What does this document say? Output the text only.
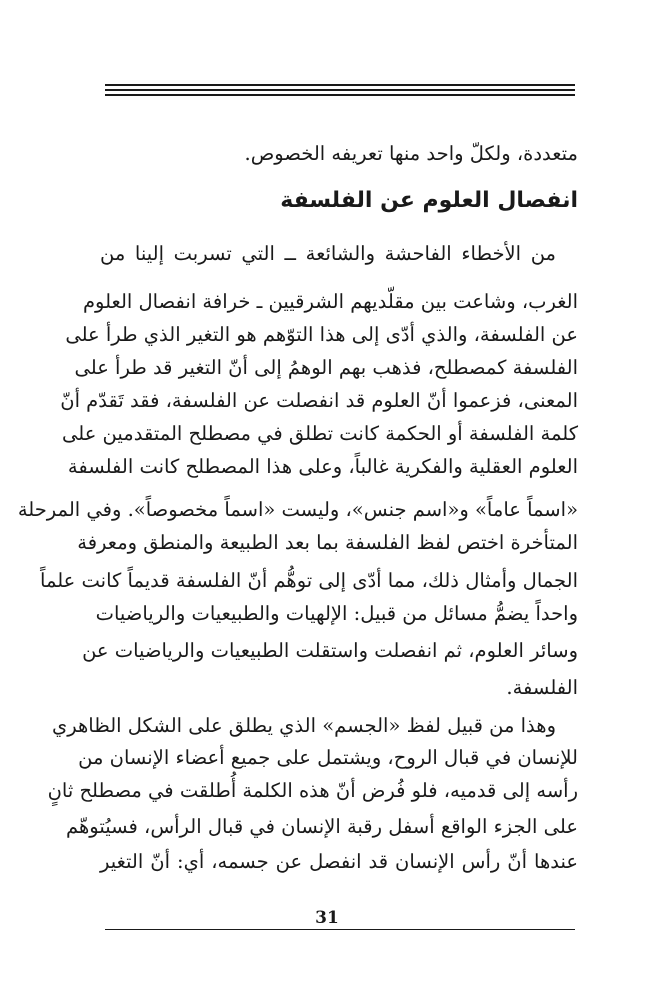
متعددة، ولكلّ واحد منها تعريفه الخصوص.
انفصال العلوم عن الفلسفة
من الأخطاء الفاحشة والشائعة ــ التي تسربت إلينا من
الغرب، وشاعت بين مقلّديهم الشرقيين ـ خرافة انفصال العلوم
عن الفلسفة، والذي أدّى إلى هذا التوّهم هو التغير الذي طرأ على
الفلسفة كمصطلح، فذهب بهم الوهمُ إلى أنّ التغير قد طرأ على
المعنى، فزعموا أنّ العلوم قد انفصلت عن الفلسفة، فقد تَقدّم أنّ
كلمة الفلسفة أو الحكمة كانت تطلق في مصطلح المتقدمين على
العلوم العقلية والفكرية غالباً، وعلى هذا المصطلح كانت الفلسفة
«اسماً عاماً» و«اسم جنس»، وليست «اسماً مخصوصاً». وفي المرحلة
المتأخرة اختص لفظ الفلسفة بما بعد الطبيعة والمنطق ومعرفة
الجمال وأمثال ذلك، مما أدّى إلى توهُّم أنّ الفلسفة قديماً كانت علماً
واحداً يضمُّ مسائل من قبيل: الإلهيات والطبيعيات والرياضيات
وسائر العلوم، ثم انفصلت واستقلت الطبيعيات والرياضيات عن
الفلسفة.
وهذا من قبيل لفظ «الجسم» الذي يطلق على الشكل الظاهري
للإنسان في قبال الروح، ويشتمل على جميع أعضاء الإنسان من
رأسه إلى قدميه، فلو فُرض أنّ هذه الكلمة أُطلقت في مصطلح ثانٍ
على الجزء الواقع أسفل رقبة الإنسان في قبال الرأس، فسيُتوهّم
عندها أنّ رأس الإنسان قد انفصل عن جسمه، أي: أنّ التغير
31
